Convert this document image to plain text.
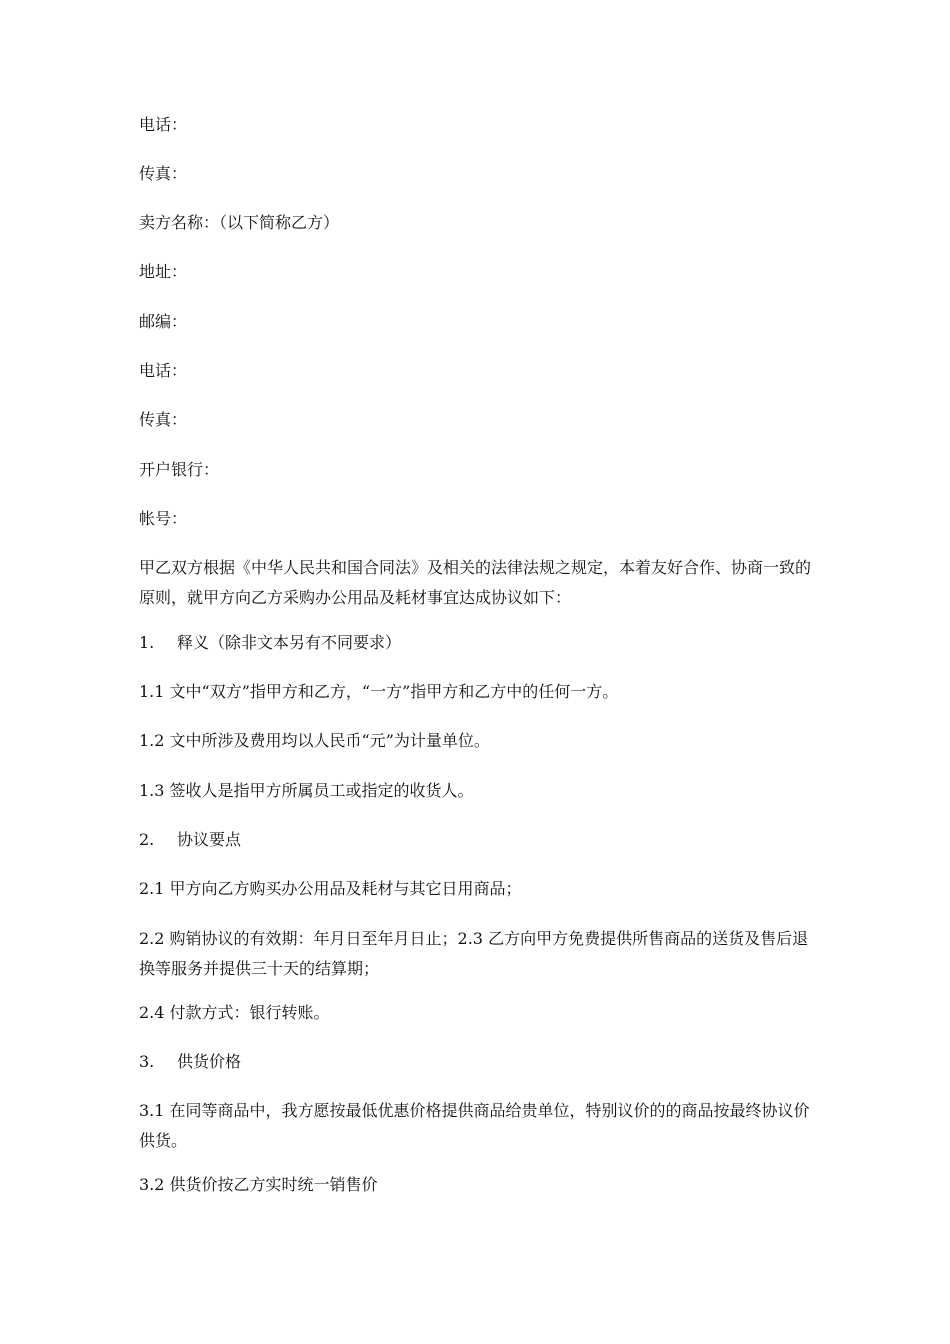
电话：

传真：

卖方名称：（以下简称乙方）

地址：

邮编：

电话：

传真：

开户银行：

帐号：

甲乙双方根据《中华人民共和国合同法》及相关的法律法规之规定，本着友好合作、协商一致的原则，就甲方向乙方采购办公用品及耗材事宜达成协议如下：

1. 释义（除非文本另有不同要求）

1.1 文中“双方”指甲方和乙方，“一方”指甲方和乙方中的任何一方。

1.2 文中所涉及费用均以人民币“元”为计量单位。

1.3 签收人是指甲方所属员工或指定的收货人。

2. 协议要点

2.1 甲方向乙方购买办公用品及耗材与其它日用商品；

2.2 购销协议的有效期：年月日至年月日止；2.3 乙方向甲方免费提供所售商品的送货及售后退换等服务并提供三十天的结算期；

2.4 付款方式：银行转账。

3. 供货价格

3.1 在同等商品中，我方愿按最低优惠价格提供商品给贵单位，特别议价的的商品按最终协议价供货。

3.2 供货价按乙方实时统一销售价
